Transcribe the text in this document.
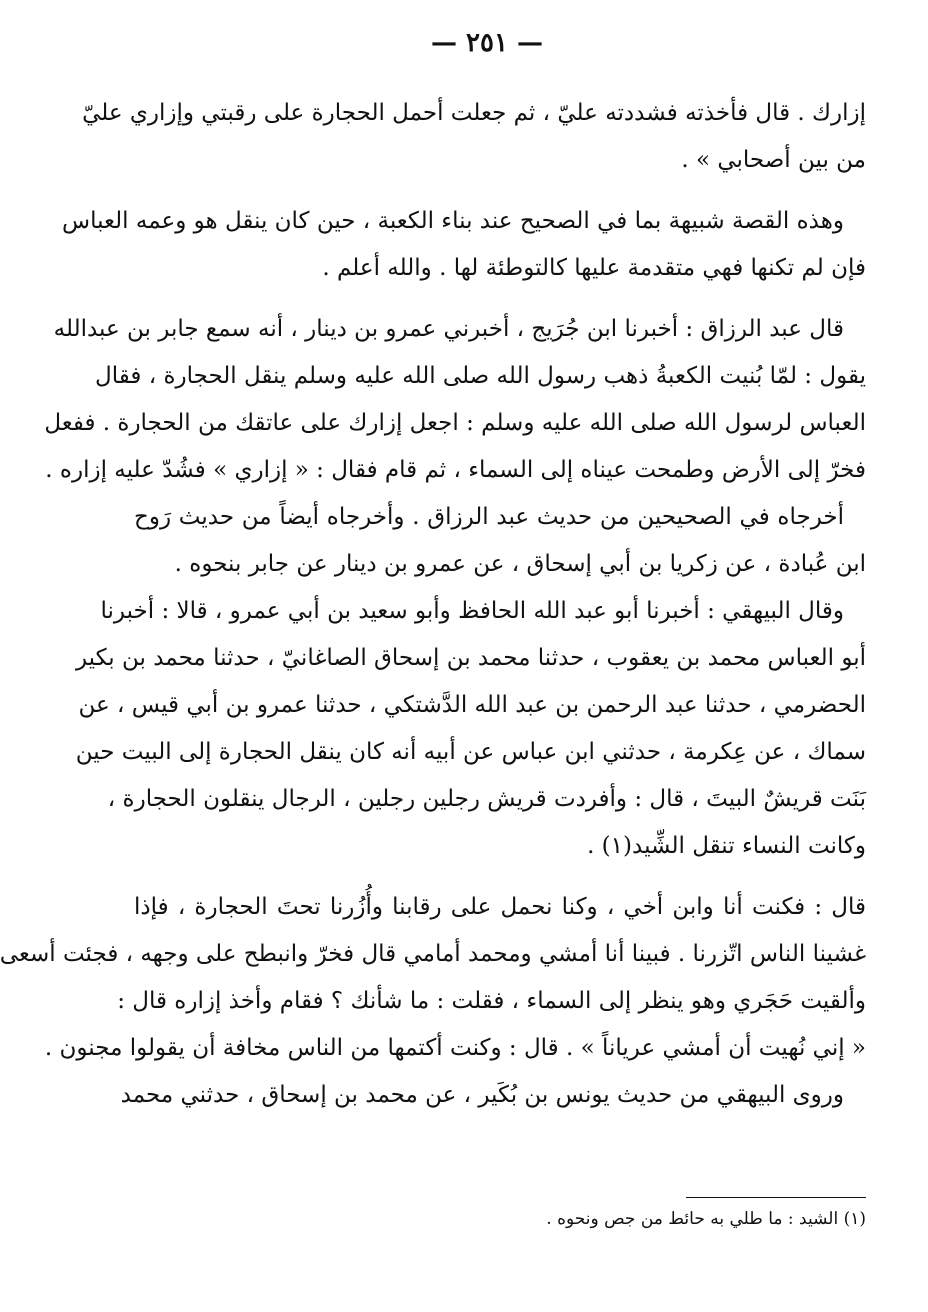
— ٢٥١ —
إزارك . قال فأخذته فشددته عليّ ، ثم جعلت أحمل الحجارة على رقبتي وإزاري عليّ
من بين أصحابي » .
وهذه القصة شبيهة بما في الصحيح عند بناء الكعبة ، حين كان ينقل هو وعمه العباس
فإن لم تكنها فهي متقدمة عليها كالتوطئة لها . والله أعلم .
قال عبد الرزاق : أخبرنا ابن جُرَيج ، أخبرني عمرو بن دينار ، أنه سمع جابر بن عبدالله
يقول : لمّا بُنيت الكعبةُ ذهب رسول الله صلى الله عليه وسلم ينقل الحجارة ، فقال
العباس لرسول الله صلى الله عليه وسلم : اجعل إزارك على عاتقك من الحجارة . ففعل
فخرّ إلى الأرض وطمحت عيناه إلى السماء ، ثم قام فقال : « إزاري » فشُدّ عليه إزاره .
أخرجاه في الصحيحين من حديث عبد الرزاق . وأخرجاه أيضاً من حديث رَوح
ابن عُبادة ، عن زكريا بن أبي إسحاق ، عن عمرو بن دينار عن جابر بنحوه .
وقال البيهقي : أخبرنا أبو عبد الله الحافظ وأبو سعيد بن أبي عمرو ، قالا : أخبرنا
أبو العباس محمد بن يعقوب ، حدثنا محمد بن إسحاق الصاغانيّ ، حدثنا محمد بن بكير
الحضرمي ، حدثنا عبد الرحمن بن عبد الله الدَّشتكي ، حدثنا عمرو بن أبي قيس ، عن
سماك ، عن عِكرمة ، حدثني ابن عباس عن أبيه أنه كان ينقل الحجارة إلى البيت حين
بَنَت قريشٌ البيتَ ، قال : وأفردت قريش رجلين رجلين ، الرجال ينقلون الحجارة ،
وكانت النساء تنقل الشِّيد(١) .
قال : فكنت أنا وابن أخي ، وكنا نحمل على رقابنا وأُزُرنا تحتَ الحجارة ، فإذا
غشينا الناس اتّزرنا . فبينا أنا أمشي ومحمد أمامي قال فخرّ وانبطح على وجهه ، فجئت أسعى
وألقيت حَجَري وهو ينظر إلى السماء ، فقلت : ما شأنك ؟ فقام وأخذ إزاره قال :
« إني نُهيت أن أمشي عرياناً » . قال : وكنت أكتمها من الناس مخافة أن يقولوا مجنون .
وروى البيهقي من حديث يونس بن بُكَير ، عن محمد بن إسحاق ، حدثني محمد
(١) الشيد : ما طلي به حائط من جص ونحوه .
